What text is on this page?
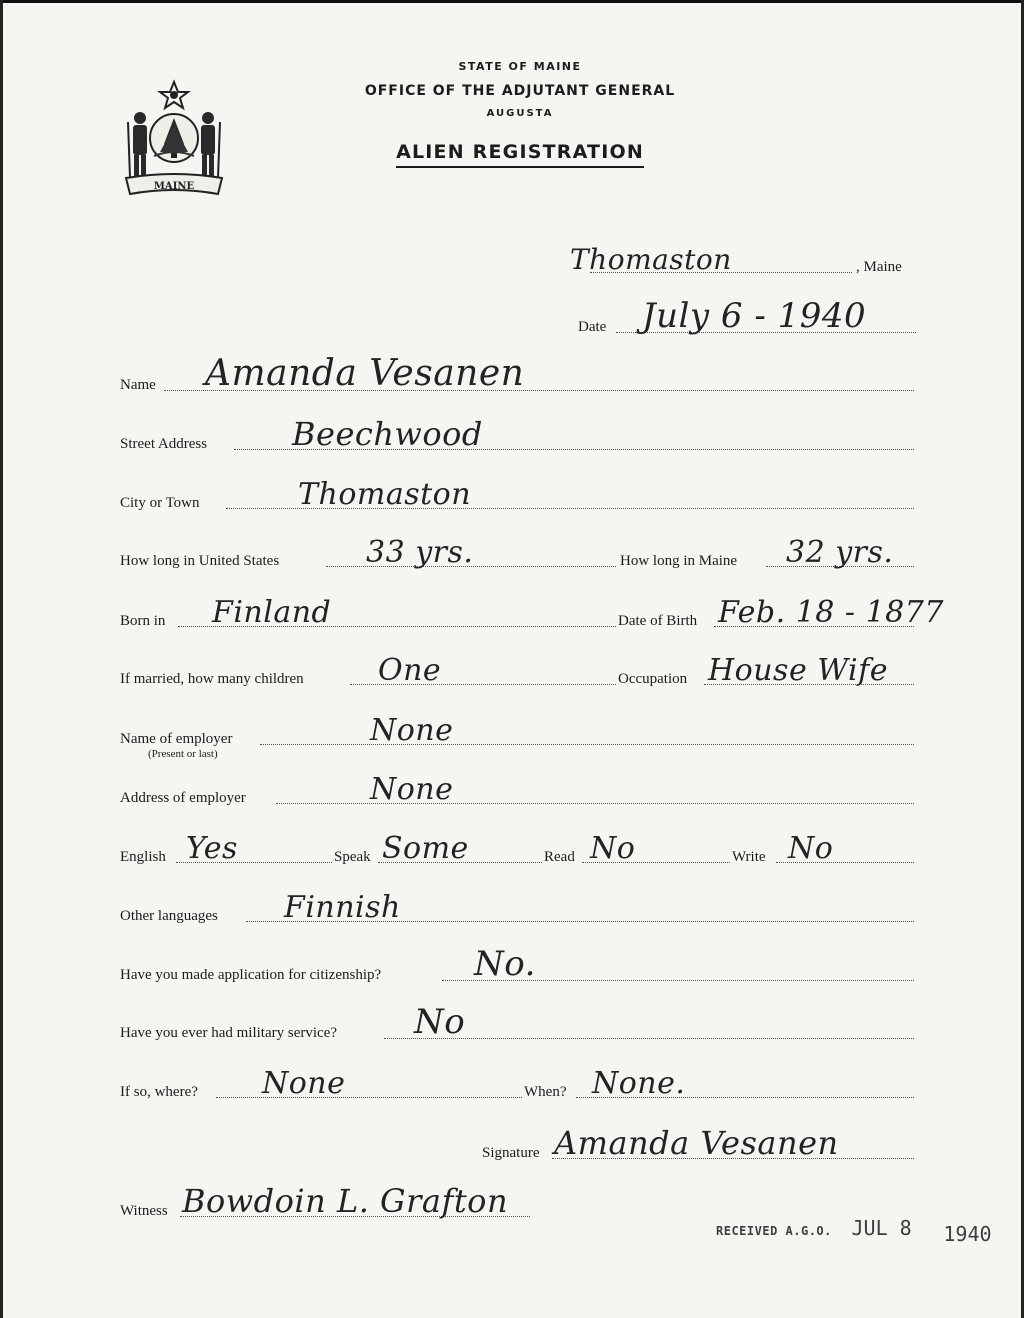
MAINE
STATE OF MAINE
OFFICE OF THE ADJUTANT GENERAL
AUGUSTA
ALIEN REGISTRATION
Thomaston	, Maine
Date July 6 - 1940
Name Amanda Vesanen
Street Address	Beechwood
City or Town	Thomaston
How long in United States	33 yrs.	How long in Maine 32 yrs.
Born in Finland	Date of Birth Feb. 18 - 1877
If married, how many children One	Occupation House Wife
Name of employer	None
(Present or last)
Address of employer	None
English Yes	Speak Some	Read No	Write No
Other languages Finnish
Have you made application for citizenship?	No.
Have you ever had military service? No
If so, where? None	When? None.
Signature Amanda Vesanen
Witness Bowdoin L. Grafton
RECEIVED A.G.O. JUL 8 1940
